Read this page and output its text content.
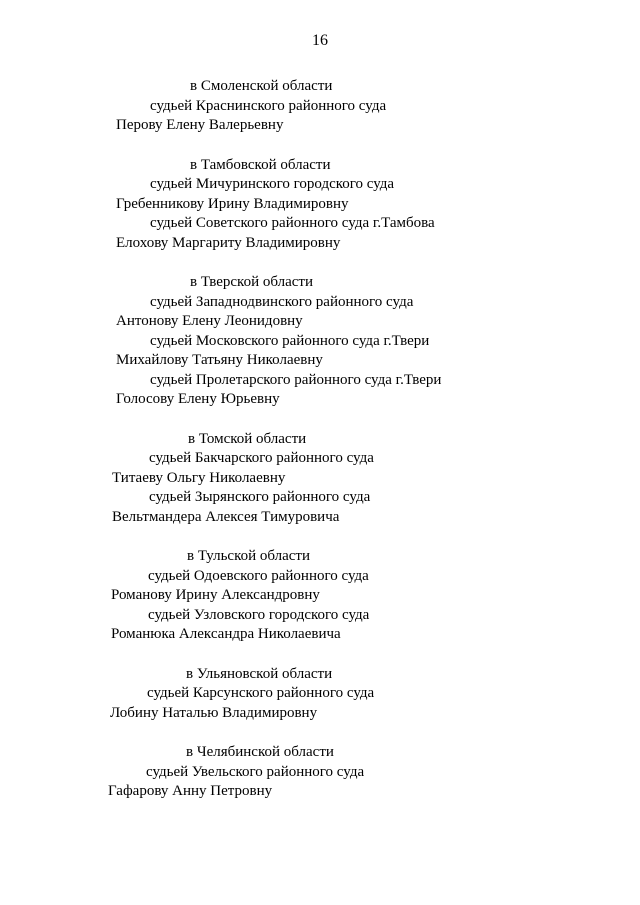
16
в Смоленской области
судьей Краснинского районного суда
Перову Елену Валерьевну
в Тамбовской области
судьей Мичуринского городского суда
Гребенникову Ирину Владимировну
судьей Советского районного суда г.Тамбова
Елохову Маргариту Владимировну
в Тверской области
судьей Западнодвинского районного суда
Антонову Елену Леонидовну
судьей Московского районного суда г.Твери
Михайлову Татьяну Николаевну
судьей Пролетарского районного суда г.Твери
Голосову Елену Юрьевну
в Томской области
судьей Бакчарского районного суда
Титаеву Ольгу Николаевну
судьей Зырянского районного суда
Вельтмандера Алексея Тимуровича
в Тульской области
судьей Одоевского районного суда
Романову Ирину Александровну
судьей Узловского городского суда
Романюка Александра Николаевича
в Ульяновской области
судьей Карсунского районного суда
Лобину Наталью Владимировну
в Челябинской области
судьей Увельского районного суда
Гафарову Анну Петровну
